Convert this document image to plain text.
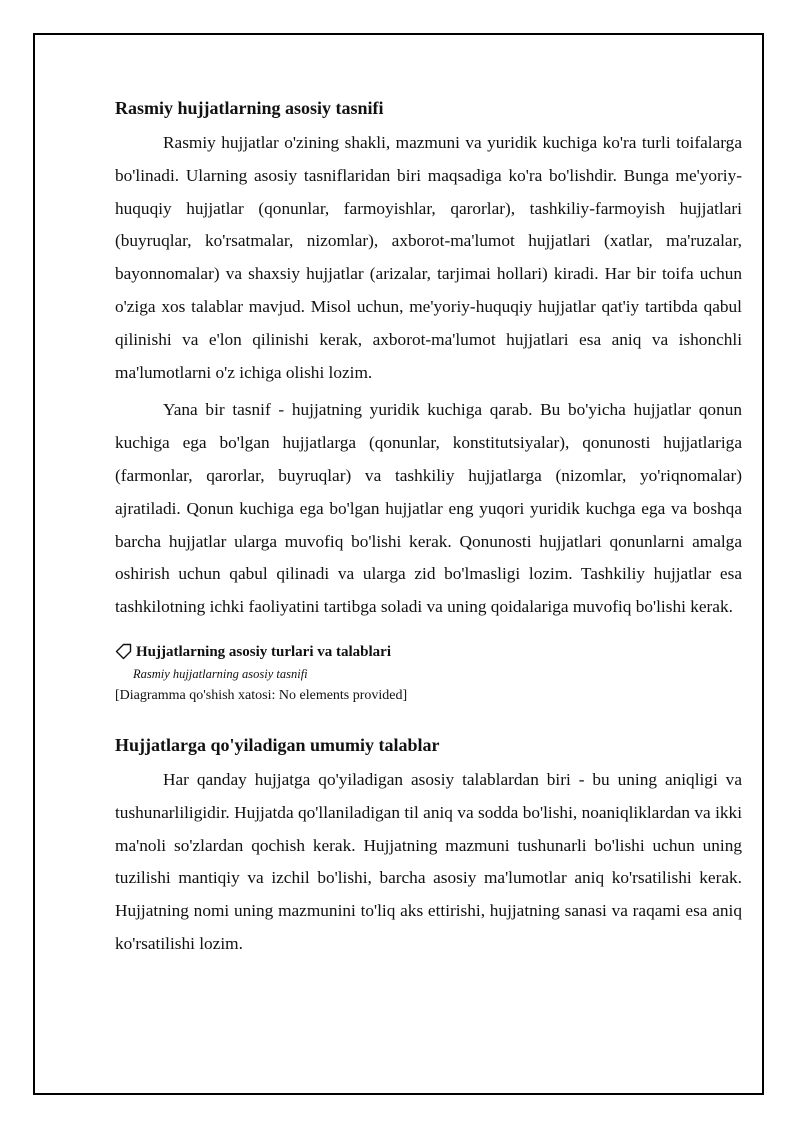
Rasmiy hujjatlarning asosiy tasnifi

Rasmiy hujjatlar o'zining shakli, mazmuni va yuridik kuchiga ko'ra turli toifalarga bo'linadi. Ularning asosiy tasniflaridan biri maqsadiga ko'ra bo'lishdir. Bunga me'yoriy-huquqiy hujjatlar (qonunlar, farmoyishlar, qarorlar), tashkiliy-farmoyish hujjatlari (buyruqlar, ko'rsatmalar, nizomlar), axborot-ma'lumot hujjatlari (xatlar, ma'ruzalar, bayonnomalar) va shaxsiy hujjatlar (arizalar, tarjimai hollari) kiradi. Har bir toifa uchun o'ziga xos talablar mavjud. Misol uchun, me'yoriy-huquqiy hujjatlar qat'iy tartibda qabul qilinishi va e'lon qilinishi kerak, axborot-ma'lumot hujjatlari esa aniq va ishonchli ma'lumotlarni o'z ichiga olishi lozim.

Yana bir tasnif - hujjatning yuridik kuchiga qarab. Bu bo'yicha hujjatlar qonun kuchiga ega bo'lgan hujjatlarga (qonunlar, konstitutsiyalar), qonunosti hujjatlariga (farmonlar, qarorlar, buyruqlar) va tashkiliy hujjatlarga (nizomlar, yo'riqnomalar) ajratiladi. Qonun kuchiga ega bo'lgan hujjatlar eng yuqori yuridik kuchga ega va boshqa barcha hujjatlar ularga muvofiq bo'lishi kerak. Qonunosti hujjatlari qonunlarni amalga oshirish uchun qabul qilinadi va ularga zid bo'lmasligi lozim. Tashkiliy hujjatlar esa tashkilotning ichki faoliyatini tartibga soladi va uning qoidalariga muvofiq bo'lishi kerak.

Hujjatlarning asosiy turlari va talablari
Rasmiy hujjatlarning asosiy tasnifi
[Diagramma qo'shish xatosi: No elements provided]
Hujjatlarga qo'yiladigan umumiy talablar

Har qanday hujjatga qo'yiladigan asosiy talablardan biri - bu uning aniqligi va tushunarliligidir. Hujjatda qo'llaniladigan til aniq va sodda bo'lishi, noaniqliklardan va ikki ma'noli so'zlardan qochish kerak. Hujjatning mazmuni tushunarli bo'lishi uchun uning tuzilishi mantiqiy va izchil bo'lishi, barcha asosiy ma'lumotlar aniq ko'rsatilishi kerak. Hujjatning nomi uning mazmunini to'liq aks ettirishi, hujjatning sanasi va raqami esa aniq ko'rsatilishi lozim.
